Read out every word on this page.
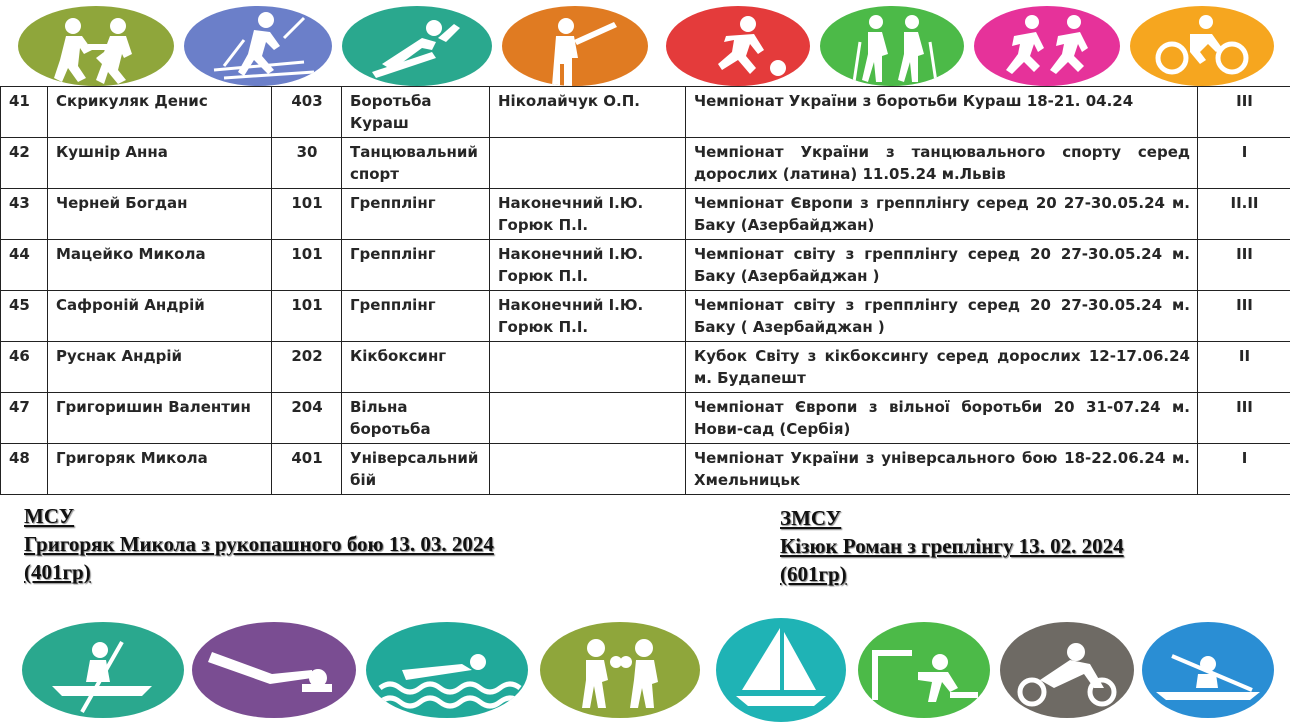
41	Скрикуляк Денис	403	Боротьба Кураш	Ніколайчук О.П.	Чемпіонат України з боротьби Кураш 18-21. 04.24	III
42	Кушнір Анна	30	Танцювальний спорт		Чемпіонат України з танцювального спорту серед дорослих (латина) 11.05.24 м.Львів	I
43	Черней Богдан	101	Грепплінг	Наконечний І.Ю. Горюк П.І.	Чемпіонат Європи з грепплінгу серед 20 27-30.05.24 м. Баку (Азербайджан)	II.II
44	Мацейко Микола	101	Грепплінг	Наконечний І.Ю. Горюк П.І.	Чемпіонат світу з грепплінгу серед 20 27-30.05.24 м. Баку (Азербайджан )	III
45	Сафроній Андрій	101	Грепплінг	Наконечний І.Ю. Горюк П.І.	Чемпіонат світу з грепплінгу серед 20 27-30.05.24 м. Баку ( Азербайджан )	III
46	Руснак Андрій	202	Кікбоксинг		Кубок Світу з кікбоксингу серед дорослих 12-17.06.24 м. Будапешт	II
47	Григоришин Валентин	204	Вільна боротьба		Чемпіонат Європи з вільної боротьби 20 31-07.24 м. Нови-сад (Сербія)	III
48	Григоряк Микола	401	Універсальний бій		Чемпіонат України з універсального бою 18-22.06.24 м. Хмельницьк	I
МСУ
Григоряк Микола з рукопашного бою 13. 03. 2024
(401гр)
ЗМСУ
Кізюк Роман з греплінгу 13. 02. 2024
(601гр)
